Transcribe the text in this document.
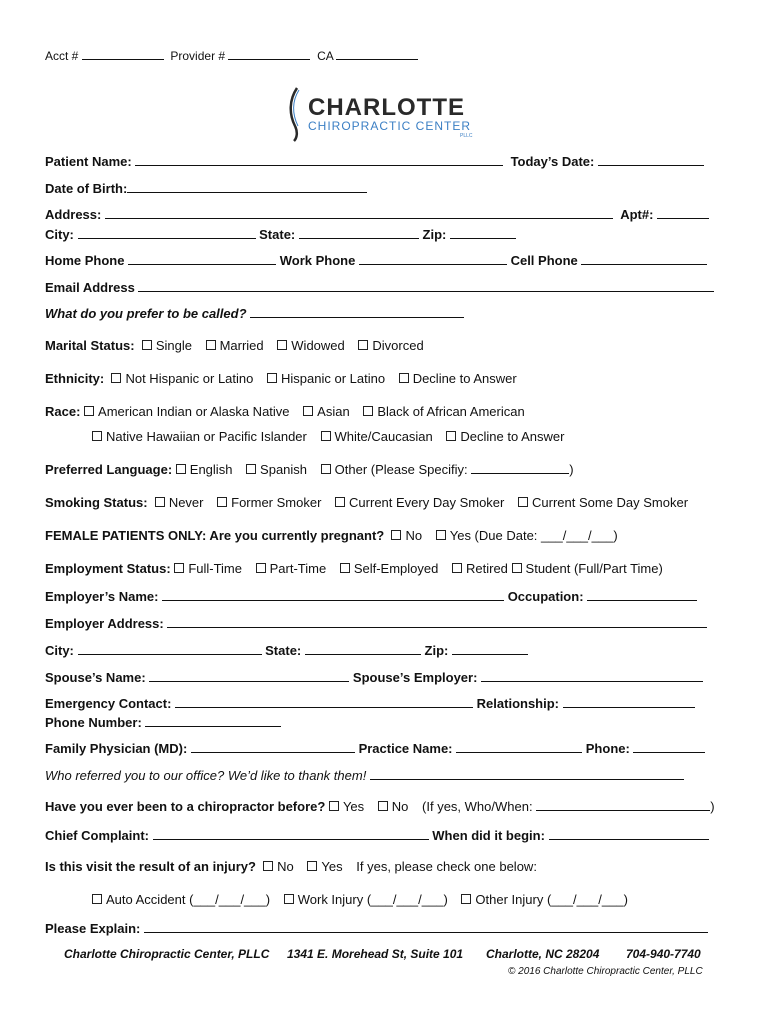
Acct #	Provider #	CA
CHARLOTTE
CHIROPRACTIC CENTER
PLLC
Patient Name:	Today’s Date:
Date of Birth:
Address:	Apt#:
City:	State:	Zip:
Home Phone	Work Phone	Cell Phone
Email Address
What do you prefer to be called?
Marital Status: Single Married Widowed Divorced
Ethnicity: Not Hispanic or Latino Hispanic or Latino Decline to Answer
Race: American Indian or Alaska Native Asian Black of African American
Native Hawaiian or Pacific Islander White/Caucasian Decline to Answer
Preferred Language: English Spanish Other (Please Specifiy:	)
Smoking Status: Never Former Smoker Current Every Day Smoker Current Some Day Smoker
FEMALE PATIENTS ONLY: Are you currently pregnant? No Yes (Due Date: ___/___/___)
Employment Status: Full-Time Part-Time Self-Employed Retired Student (Full/Part Time)
Employer’s Name:	Occupation:
Employer Address:
City:	State:	Zip:
Spouse’s Name:	Spouse’s Employer:
Emergency Contact:	Relationship:
Phone Number:
Family Physician (MD):	Practice Name:	Phone:
Who referred you to our office? We’d like to thank them!
Have you ever been to a chiropractor before? Yes No (If yes, Who/When:	)
Chief Complaint:	When did it begin:
Is this visit the result of an injury? No Yes If yes, please check one below:
Auto Accident (___/___/___) Work Injury (___/___/___) Other Injury (___/___/___)
Please Explain:
Charlotte Chiropractic Center, PLLC 1341 E. Morehead St, Suite 101 Charlotte, NC 28204 704-940-7740
© 2016 Charlotte Chiropractic Center, PLLC
